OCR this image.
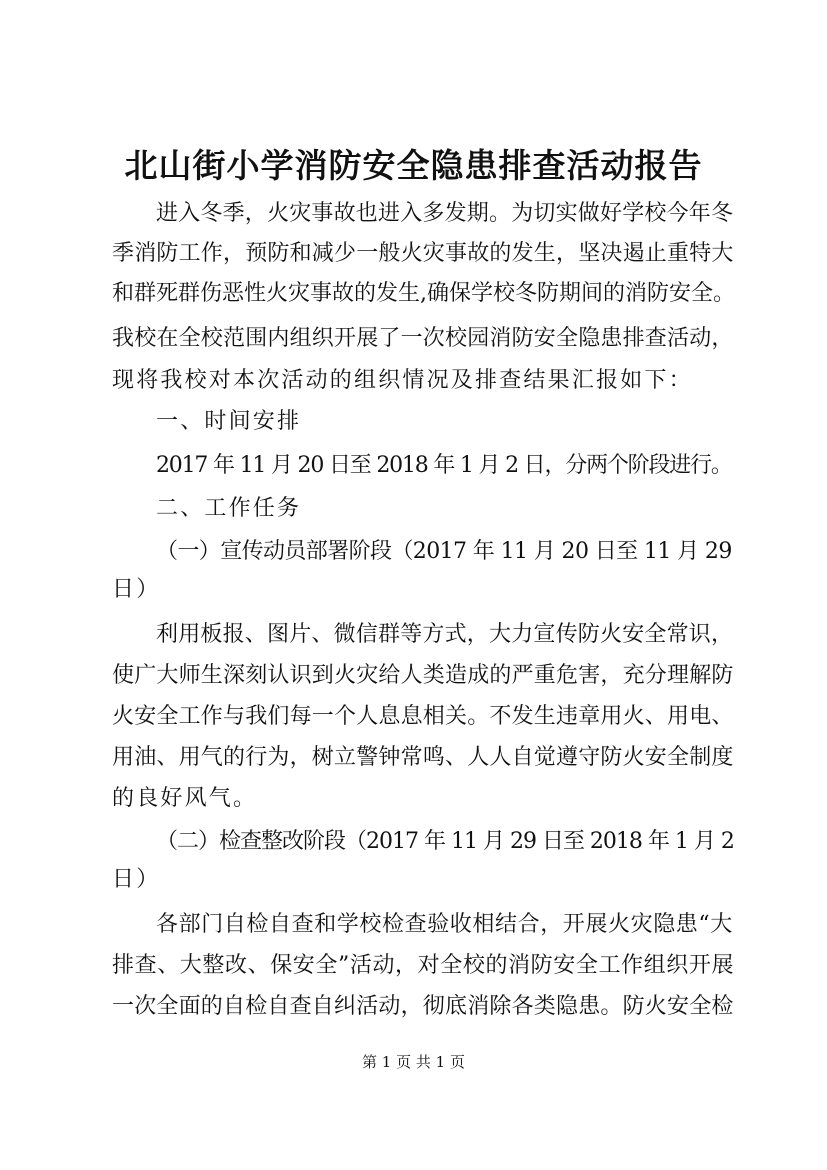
北山街小学消防安全隐患排查活动报告
进入冬季，火灾事故也进入多发期。为切实做好学校今年冬
季消防工作，预防和减少一般火灾事故的发生，坚决遏止重特大
和群死群伤恶性火灾事故的发生,确保学校冬防期间的消防安全。
我校在全校范围内组织开展了一次校园消防安全隐患排查活动，
现将我校对本次活动的组织情况及排查结果汇报如下：
一、时间安排
2017 年 11 月 20 日至 2018 年 1 月 2 日，分两个阶段进行。
二、工作任务
（一）宣传动员部署阶段（2017 年 11 月 20 日至 11 月 29
日）
利用板报、图片、微信群等方式，大力宣传防火安全常识，
使广大师生深刻认识到火灾给人类造成的严重危害，充分理解防
火安全工作与我们每一个人息息相关。不发生违章用火、用电、
用油、用气的行为，树立警钟常鸣、人人自觉遵守防火安全制度
的良好风气。
（二）检查整改阶段（2017 年 11 月 29 日至 2018 年 1 月 2
日）
各部门自检自查和学校检查验收相结合，开展火灾隐患“大
排查、大整改、保安全”活动，对全校的消防安全工作组织开展
一次全面的自检自查自纠活动，彻底消除各类隐患。防火安全检
第 1 页 共 1 页
